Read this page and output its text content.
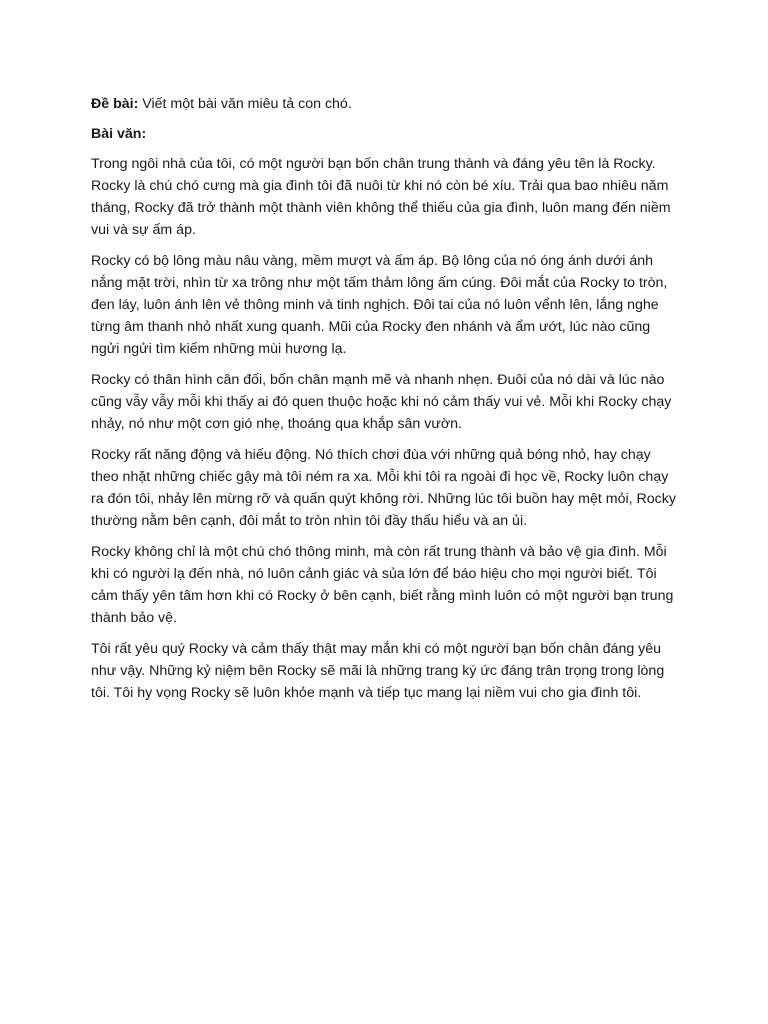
Đề bài: Viết một bài văn miêu tả con chó.

Bài văn:

Trong ngôi nhà của tôi, có một người bạn bốn chân trung thành và đáng yêu tên là Rocky. Rocky là chú chó cưng mà gia đình tôi đã nuôi từ khi nó còn bé xíu. Trải qua bao nhiêu năm tháng, Rocky đã trở thành một thành viên không thể thiếu của gia đình, luôn mang đến niềm vui và sự ấm áp.

Rocky có bộ lông màu nâu vàng, mềm mượt và ấm áp. Bộ lông của nó óng ánh dưới ánh nắng mặt trời, nhìn từ xa trông như một tấm thảm lông ấm cúng. Đôi mắt của Rocky to tròn, đen láy, luôn ánh lên vẻ thông minh và tinh nghịch. Đôi tai của nó luôn vểnh lên, lắng nghe từng âm thanh nhỏ nhất xung quanh. Mũi của Rocky đen nhánh và ẩm ướt, lúc nào cũng ngửi ngửi tìm kiếm những mùi hương lạ.

Rocky có thân hình cân đối, bốn chân mạnh mẽ và nhanh nhẹn. Đuôi của nó dài và lúc nào cũng vẫy vẫy mỗi khi thấy ai đó quen thuộc hoặc khi nó cảm thấy vui vẻ. Mỗi khi Rocky chạy nhảy, nó như một cơn gió nhẹ, thoáng qua khắp sân vườn.

Rocky rất năng động và hiếu động. Nó thích chơi đùa với những quả bóng nhỏ, hay chạy theo nhặt những chiếc gậy mà tôi ném ra xa. Mỗi khi tôi ra ngoài đi học về, Rocky luôn chạy ra đón tôi, nhảy lên mừng rỡ và quấn quýt không rời. Những lúc tôi buồn hay mệt mỏi, Rocky thường nằm bên cạnh, đôi mắt to tròn nhìn tôi đầy thấu hiểu và an ủi.

Rocky không chỉ là một chú chó thông minh, mà còn rất trung thành và bảo vệ gia đình. Mỗi khi có người lạ đến nhà, nó luôn cảnh giác và sủa lớn để báo hiệu cho mọi người biết. Tôi cảm thấy yên tâm hơn khi có Rocky ở bên cạnh, biết rằng mình luôn có một người bạn trung thành bảo vệ.

Tôi rất yêu quý Rocky và cảm thấy thật may mắn khi có một người bạn bốn chân đáng yêu như vậy. Những kỷ niệm bên Rocky sẽ mãi là những trang ký ức đáng trân trọng trong lòng tôi. Tôi hy vọng Rocky sẽ luôn khỏe mạnh và tiếp tục mang lại niềm vui cho gia đình tôi.
